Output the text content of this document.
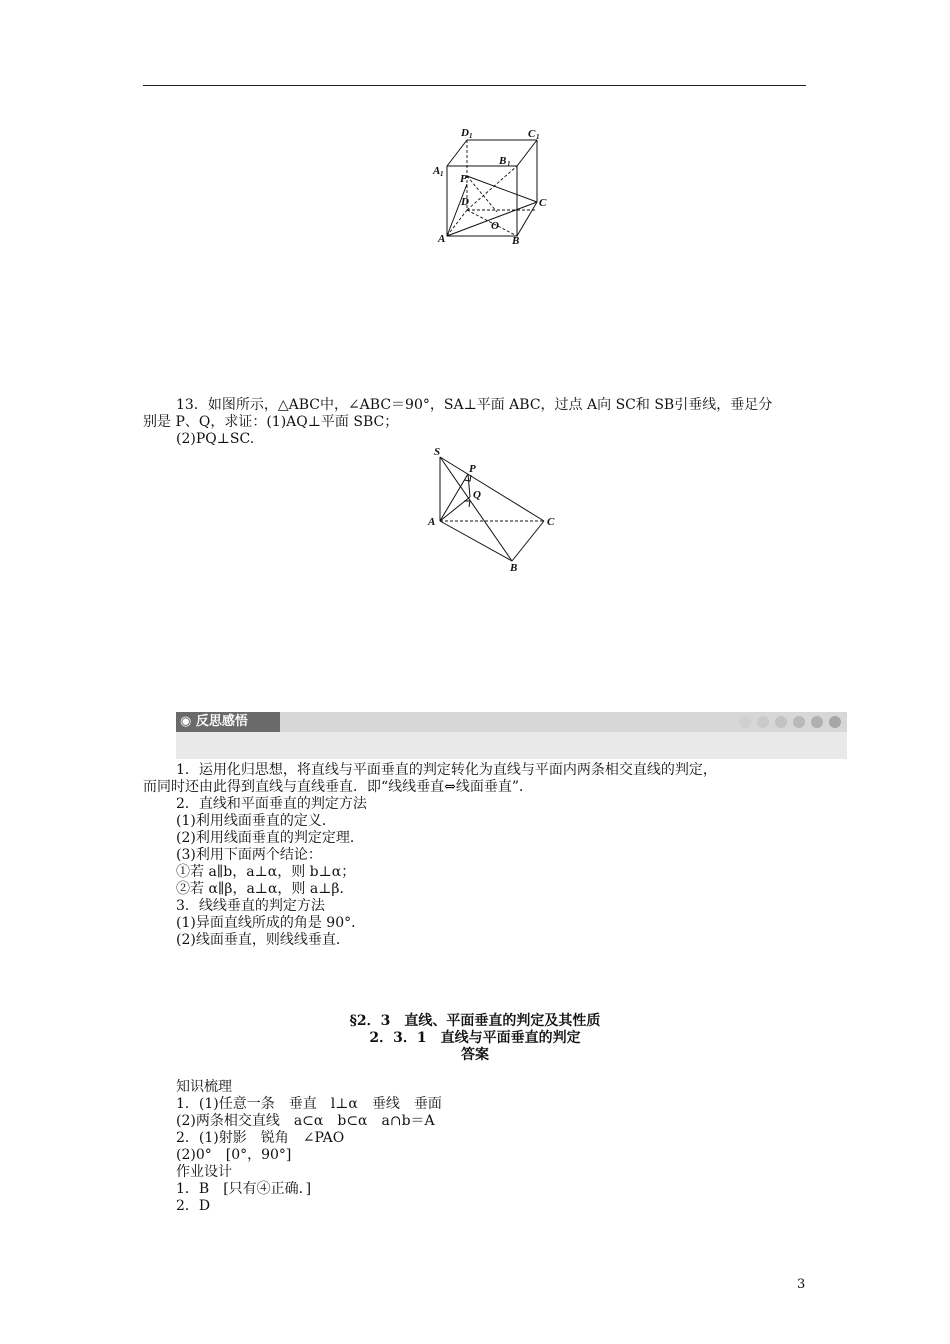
D 1	C 1
A 1
B 1
P
D	C
A
O
B
13．如图所示，△ABC中，∠ABC＝90°，SA⊥平面 ABC，过点 A向 SC和 SB引垂线，垂足分
别是 P、Q，求证：(1)AQ⊥平面 SBC；
(2)PQ⊥SC.
S
P
Q
A	C
B
◉ 反思感悟
1．运用化归思想，将直线与平面垂直的判定转化为直线与平面内两条相交直线的判定，
而同时还由此得到直线与直线垂直．即“线线垂直⇔线面垂直”．
2．直线和平面垂直的判定方法
(1)利用线面垂直的定义．
(2)利用线面垂直的判定定理．
(3)利用下面两个结论：
①若 a∥b，a⊥α，则 b⊥α；
②若 α∥β，a⊥α，则 a⊥β．
3．线线垂直的判定方法
(1)异面直线所成的角是 90°．
(2)线面垂直，则线线垂直．
§2．3　直线、平面垂直的判定及其性质
2．3．1　直线与平面垂直的判定
答案
知识梳理
1．(1)任意一条　垂直　l⊥α　垂线　垂面
(2)两条相交直线　a⊂α　b⊂α　a∩b＝A
2．(1)射影　锐角　∠PAO
(2)0°　[0°，90°]
作业设计
1．B　[只有④正确．]
2．D
3
